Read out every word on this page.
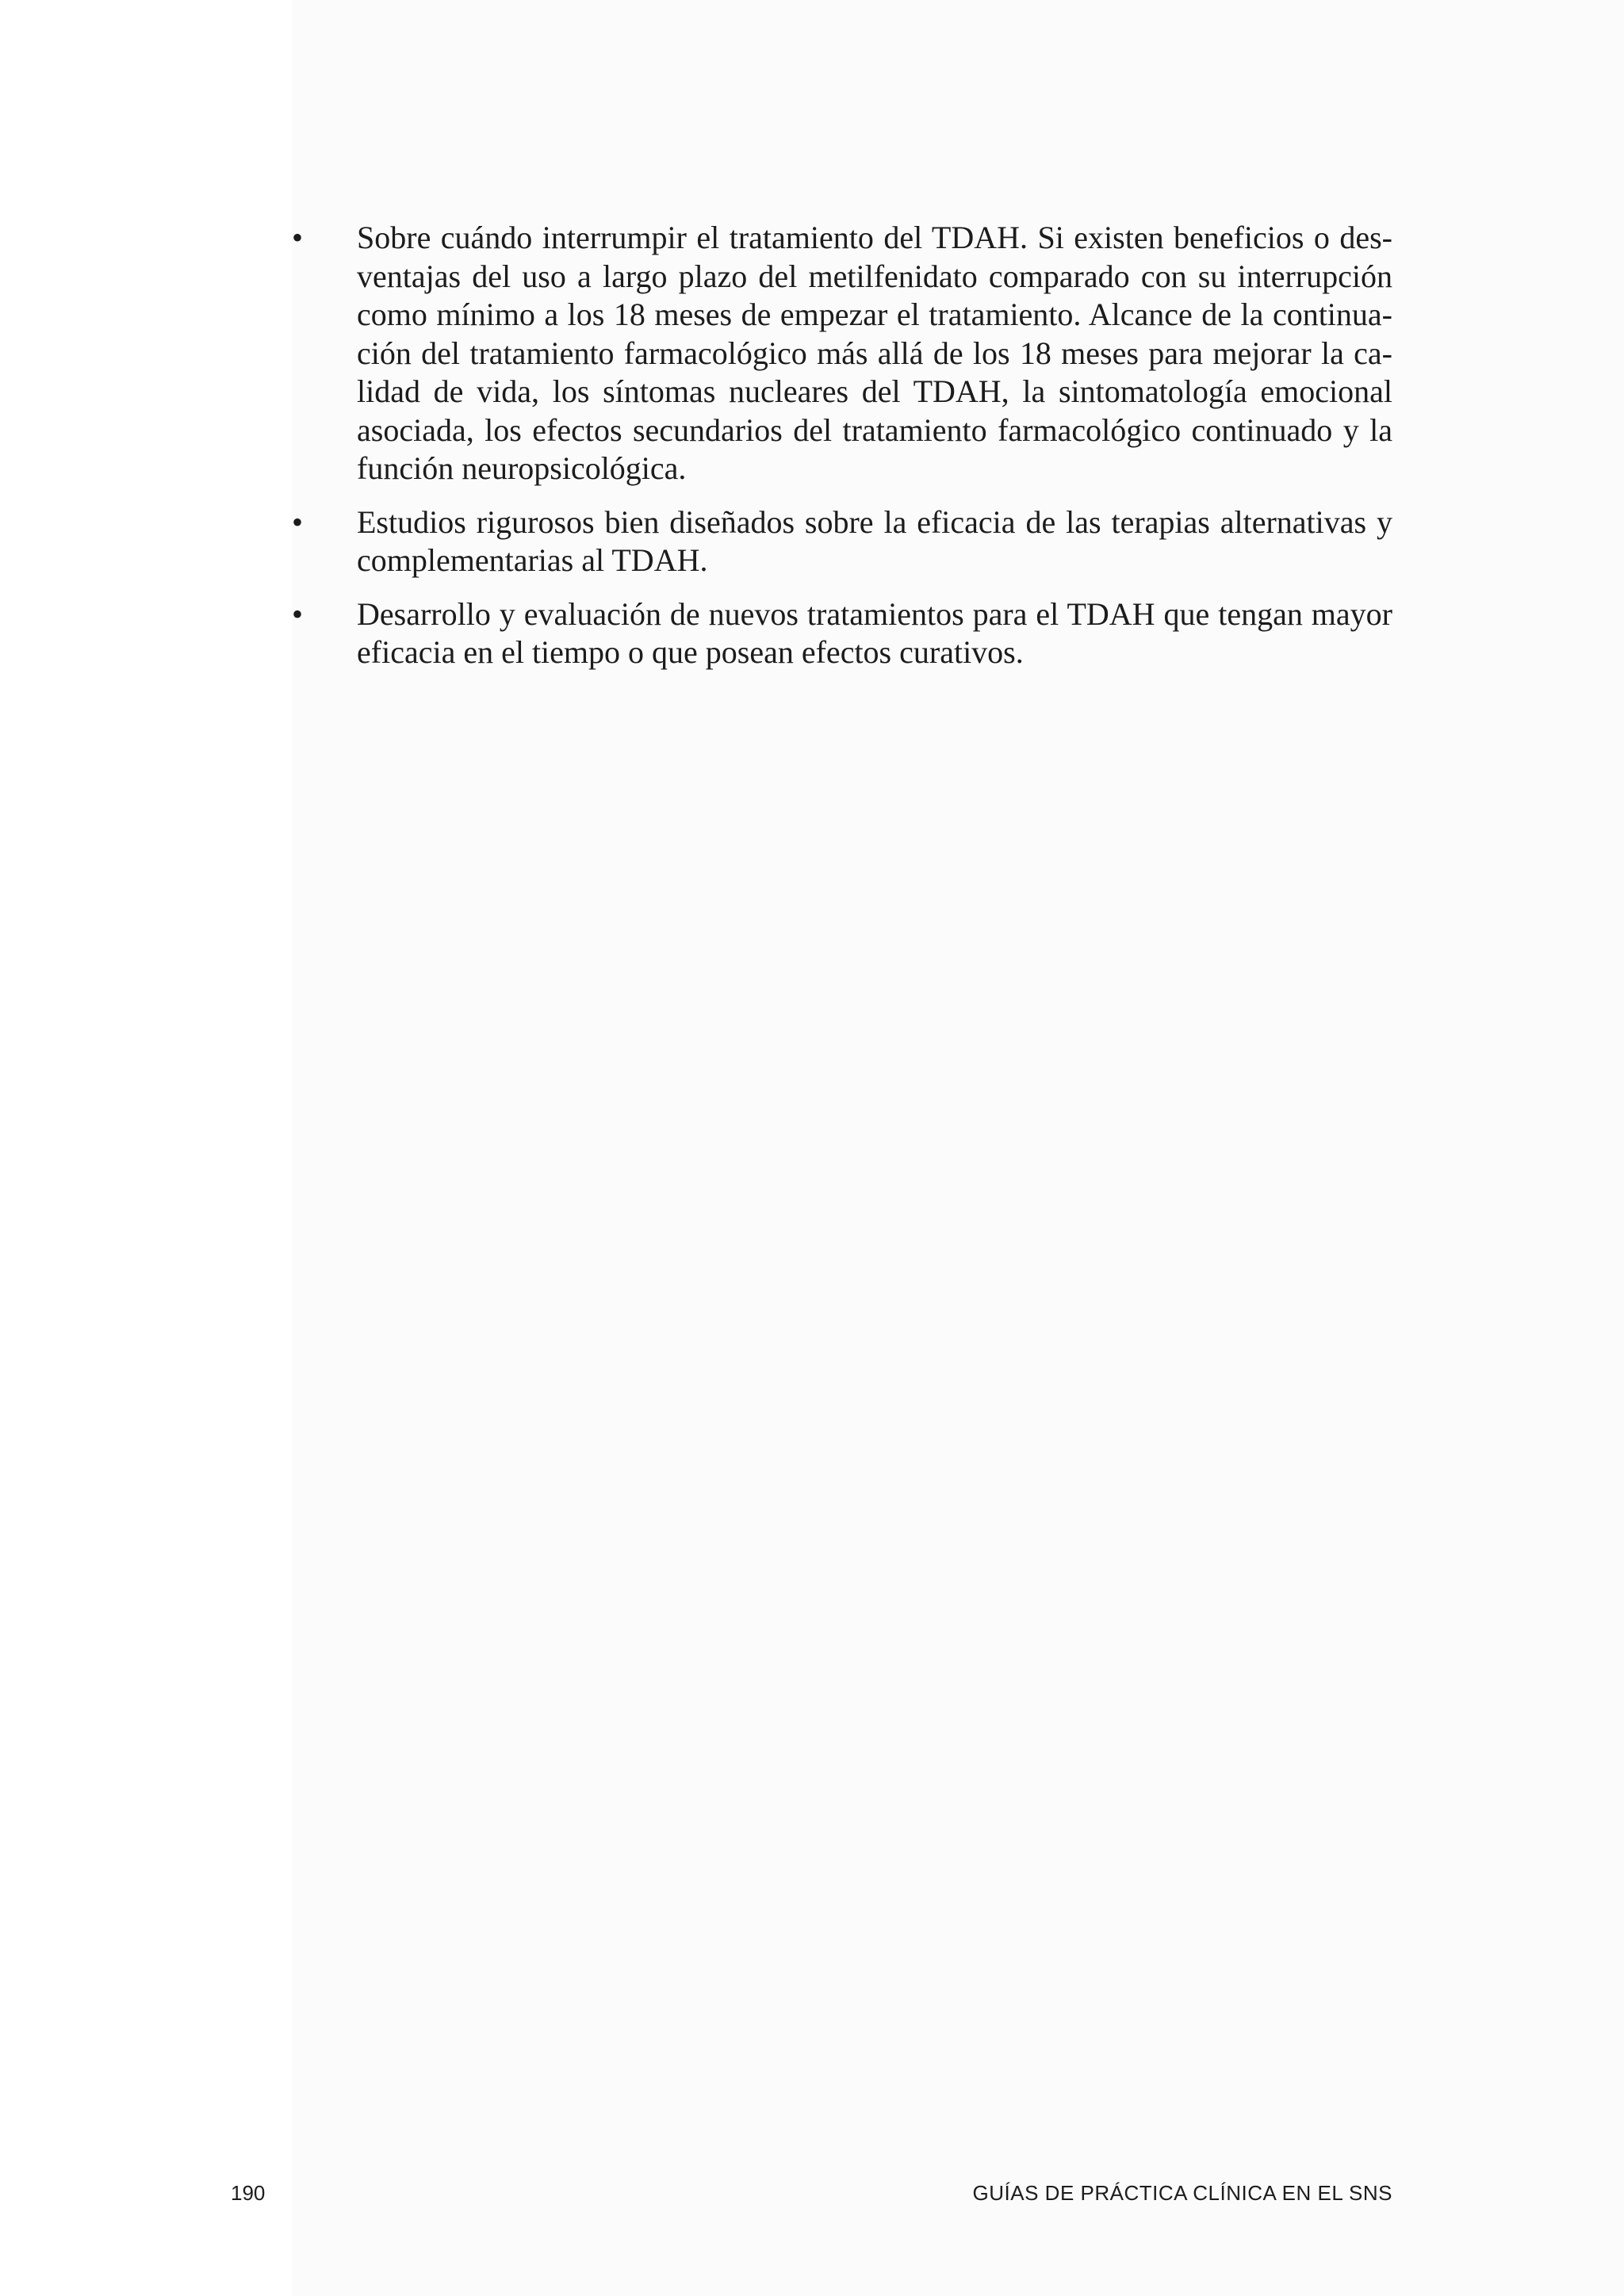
•	Sobre cuándo interrumpir el tratamiento del TDAH. Si existen beneficios o desventajas del uso a largo plazo del metilfenidato comparado con su interrupción como mínimo a los 18 meses de empezar el tratamiento. Alcance de la continuación del tratamiento farmacológico más allá de los 18 meses para mejorar la calidad de vida, los síntomas nucleares del TDAH, la sintomatología emocional asociada, los efectos secundarios del tratamiento farmacológico continuado y la función neuropsicológica.
•	Estudios rigurosos bien diseñados sobre la eficacia de las terapias alternativas y complementarias al TDAH.
•	Desarrollo y evaluación de nuevos tratamientos para el TDAH que tengan mayor eficacia en el tiempo o que posean efectos curativos.
190	GUÍAS DE PRÁCTICA CLÍNICA EN EL SNS
